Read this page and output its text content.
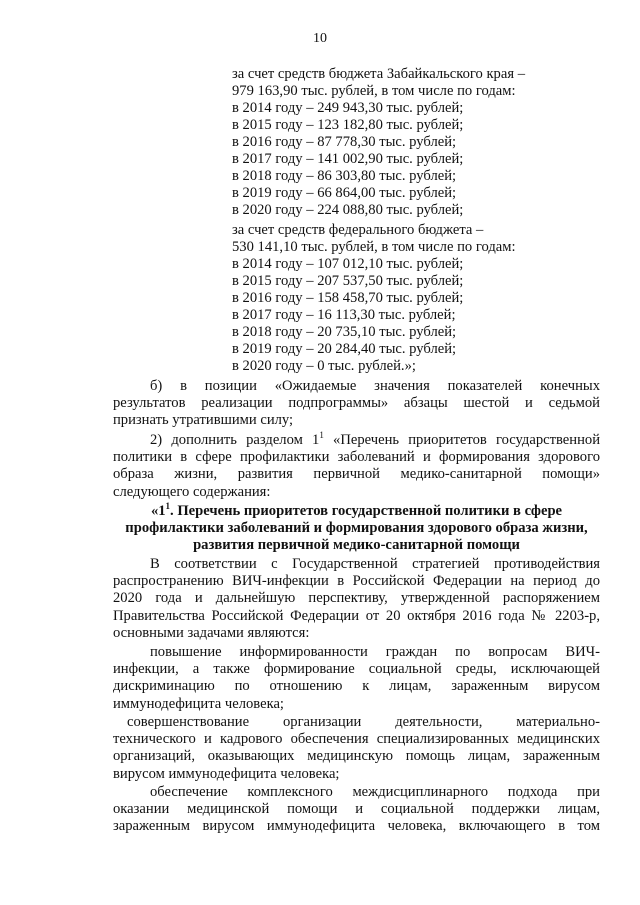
10
за счет средств бюджета Забайкальского края –
979 163,90 тыс. рублей, в том числе по годам:
в 2014 году – 249 943,30 тыс. рублей;
в 2015 году – 123 182,80 тыс. рублей;
в 2016 году – 87 778,30 тыс. рублей;
в 2017 году – 141 002,90 тыс. рублей;
в 2018 году – 86 303,80 тыс. рублей;
в 2019 году – 66 864,00 тыс. рублей;
в 2020 году – 224 088,80 тыс. рублей;
за счет средств федерального бюджета –
530 141,10 тыс. рублей, в том числе по годам:
в 2014 году – 107 012,10 тыс. рублей;
в 2015 году – 207 537,50 тыс. рублей;
в 2016 году – 158 458,70 тыс. рублей;
в 2017 году – 16 113,30 тыс. рублей;
в 2018 году – 20 735,10 тыс. рублей;
в 2019 году – 20 284,40 тыс. рублей;
в 2020 году – 0 тыс. рублей.»;
б) в позиции «Ожидаемые значения показателей конечных
результатов реализации подпрограммы» абзацы шестой и седьмой
признать утратившими силу;
2) дополнить разделом $1^1$ «Перечень приоритетов государственной
политики в сфере профилактики заболеваний и формирования здорового
образа жизни, развития первичной медико-санитарной помощи»
следующего содержания:
«$1^1$. Перечень приоритетов государственной политики в сфере
профилактики заболеваний и формирования здорового образа жизни,
развития первичной медико-санитарной помощи
В соответствии с Государственной стратегией противодействия
распространению ВИЧ-инфекции в Российской Федерации на период до
2020 года и дальнейшую перспективу, утвержденной распоряжением
Правительства Российской Федерации от 20 октября 2016 года № 2203-р,
основными задачами являются:
повышение информированности граждан по вопросам ВИЧ-
инфекции, а также формирование социальной среды, исключающей
дискриминацию по отношению к лицам, зараженным вирусом
иммунодефицита человека;
совершенствование организации деятельности, материально-
технического и кадрового обеспечения специализированных медицинских
организаций, оказывающих медицинскую помощь лицам, зараженным
вирусом иммунодефицита человека;
обеспечение комплексного междисциплинарного подхода при
оказании медицинской помощи и социальной поддержки лицам,
зараженным вирусом иммунодефицита человека, включающего в том
